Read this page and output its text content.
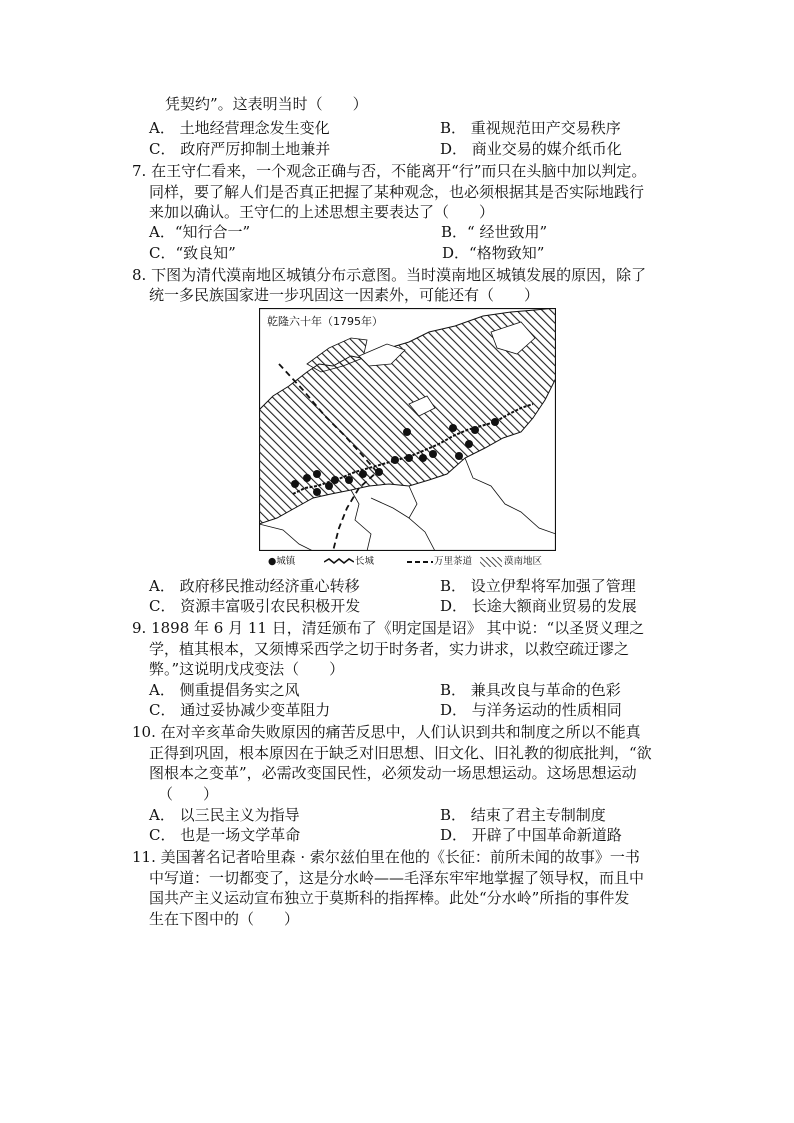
凭契约”。这表明当时（　　）
A． 土地经营理念发生变化	B． 重视规范田产交易秩序
C． 政府严厉抑制土地兼并	D． 商业交易的媒介纸币化
7. 在王守仁看来，一个观念正确与否，不能离开“行”而只在头脑中加以判定。
同样，要了解人们是否真正把握了某种观念，也必须根据其是否实际地践行
来加以确认。王守仁的上述思想主要表达了（　　）
A．“知行合一”	B．“ 经世致用”
C．“致良知”	D．“格物致知”
8. 下图为清代漠南地区城镇分布示意图。当时漠南地区城镇发展的原因，除了
统一多民族国家进一步巩固这一因素外，可能还有（　　）
乾隆六十年（1795年）
●城镇	长城	万里茶道	漠南地区
A． 政府移民推动经济重心转移	B． 设立伊犁将军加强了管理
C． 资源丰富吸引农民积极开发	D． 长途大额商业贸易的发展
9. 1898 年 6 月 11 日，清廷颁布了《明定国是诏》 其中说：“以圣贤义理之
学，植其根本，又须博采西学之切于时务者，实力讲求，以救空疏迂谬之
弊。”这说明戊戌变法（　　）
A． 侧重提倡务实之风	B． 兼具改良与革命的色彩
C． 通过妥协减少变革阻力	D． 与洋务运动的性质相同
10. 在对辛亥革命失败原因的痛苦反思中，人们认识到共和制度之所以不能真
正得到巩固，根本原因在于缺乏对旧思想、旧文化、旧礼教的彻底批判，“欲
图根本之变革”，必需改变国民性，必须发动一场思想运动。这场思想运动
（　　）
A． 以三民主义为指导	B． 结束了君主专制制度
C． 也是一场文学革命	D． 开辟了中国革命新道路
11. 美国著名记者哈里森 · 索尔兹伯里在他的《长征：前所未闻的故事》一书
中写道：一切都变了，这是分水岭——毛泽东牢牢地掌握了领导权，而且中
国共产主义运动宣布独立于莫斯科的指挥棒。此处“分水岭”所指的事件发
生在下图中的（　　）
